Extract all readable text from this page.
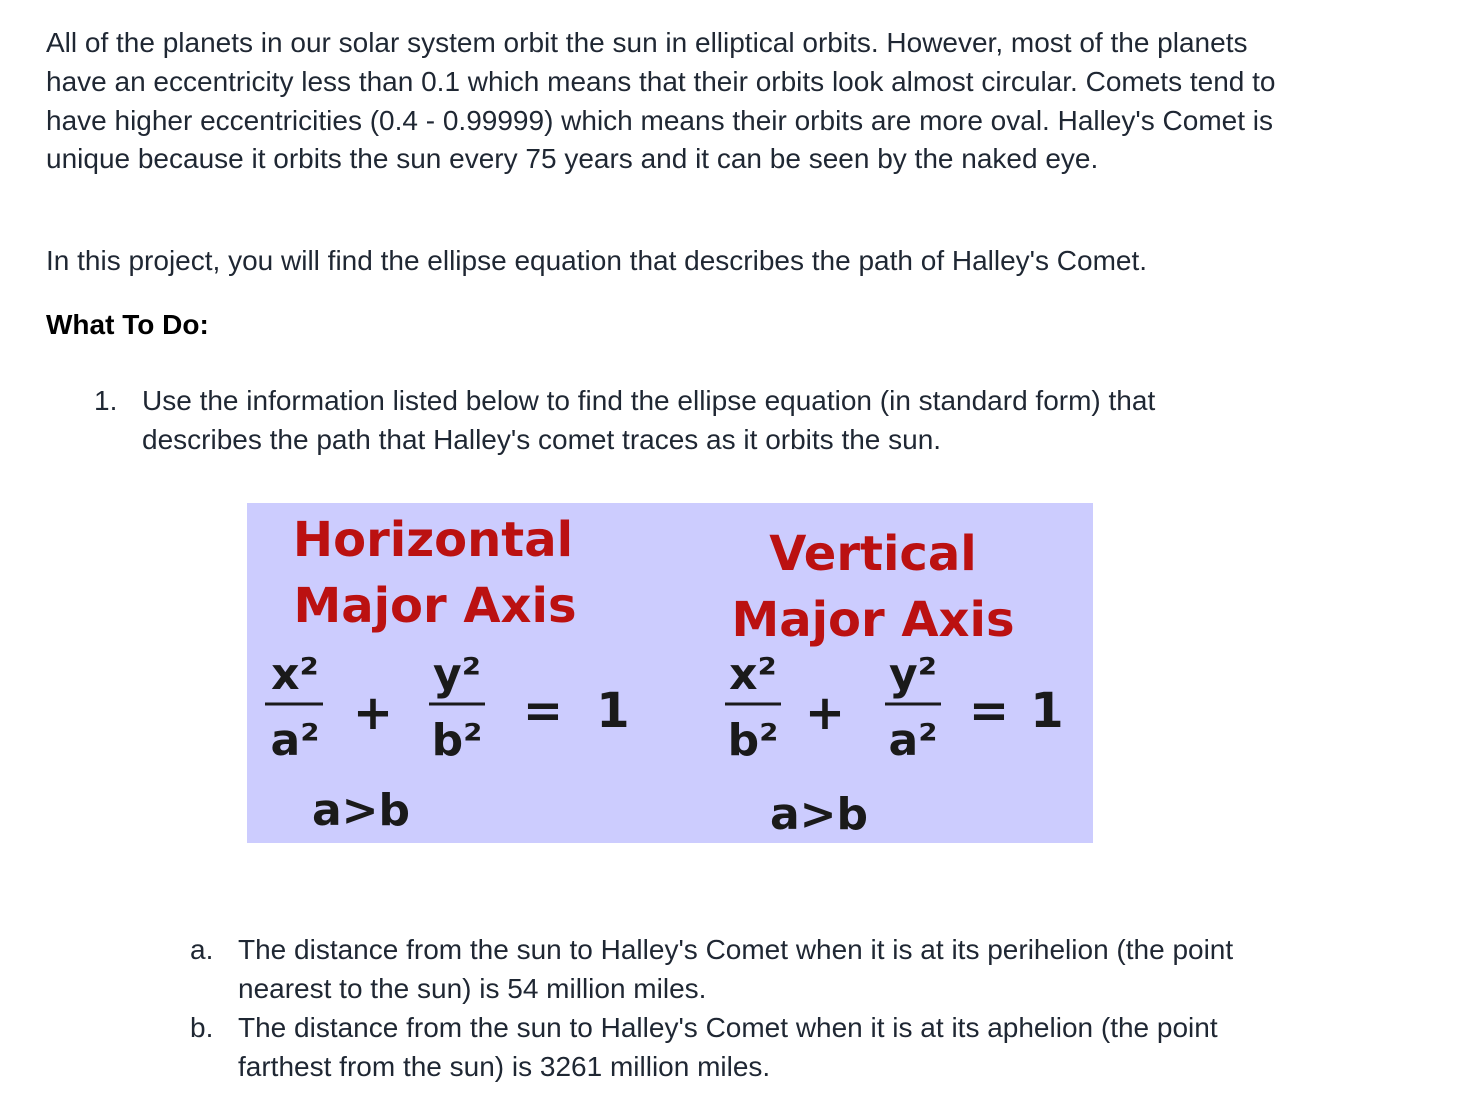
All of the planets in our solar system orbit the sun in elliptical orbits. However, most of the planets have an eccentricity less than 0.1 which means that their orbits look almost circular. Comets tend to have higher eccentricities (0.4 - 0.99999) which means their orbits are more oval. Halley's Comet is unique because it orbits the sun every 75 years and it can be seen by the naked eye.

In this project, you will find the ellipse equation that describes the path of Halley's Comet.

What To Do:

1. Use the information listed below to find the ellipse equation (in standard form) that describes the path that Halley's comet traces as it orbits the sun.

Horizontal
Major Axis
x²
a² +
y²
b²
= 1
a>b
Vertical
Major Axis
x²
b² +
y²
a²
= 1
a>b
a. The distance from the sun to Halley's Comet when it is at its perihelion (the point nearest to the sun) is 54 million miles.

b. The distance from the sun to Halley's Comet when it is at its aphelion (the point farthest from the sun) is 3261 million miles.
